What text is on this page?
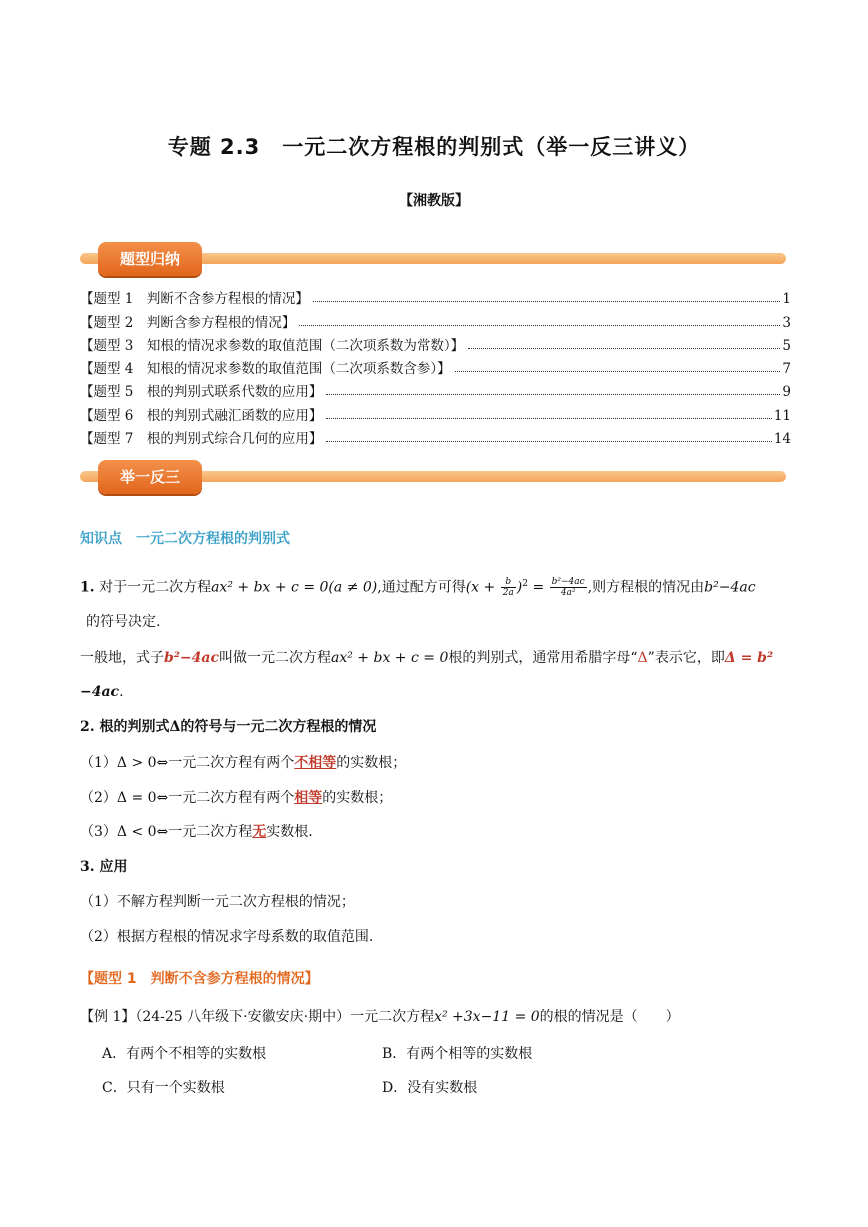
专题 2.3　一元二次方程根的判别式（举一反三讲义）
【湘教版】
题型归纳
【题型 1　判断不含参方程根的情况】	1
【题型 2　判断含参方程根的情况】	3
【题型 3　知根的情况求参数的取值范围（二次项系数为常数）】	5
【题型 4　知根的情况求参数的取值范围（二次项系数含参）】	7
【题型 5　根的判别式联系代数的应用】	9
【题型 6　根的判别式融汇函数的应用】	11
【题型 7　根的判别式综合几何的应用】	14
举一反三
知识点　一元二次方程根的判别式
1. 对于一元二次方程ax² + bx + c = 0(a ≠ 0),通过配方可得$(x + \frac{b}{2a} )^2 = \frac{\text{b²−4ac}}{\text{4a²}}$ ,则方程根的情况由b²−4ac
的符号决定.
一般地，式子b²−4ac叫做一元二次方程ax² + bx + c = 0根的判别式，通常用希腊字母“Δ”表示它，即Δ = b²
−4ac.
2. 根的判别式Δ的符号与一元二次方程根的情况
（1）Δ > 0⇔一元二次方程有两个不相等的实数根；
（2）Δ = 0⇔一元二次方程有两个相等的实数根；
（3）Δ < 0⇔一元二次方程无实数根.
3. 应用
（1）不解方程判断一元二次方程根的情况；
（2）根据方程根的情况求字母系数的取值范围.
【题型 1　判断不含参方程根的情况】
【例 1】（24-25 八年级下·安徽安庆·期中）一元二次方程x² +3x−11 = 0的根的情况是（　　）
A．有两个不相等的实数根	B．有两个相等的实数根
C．只有一个实数根	D．没有实数根
